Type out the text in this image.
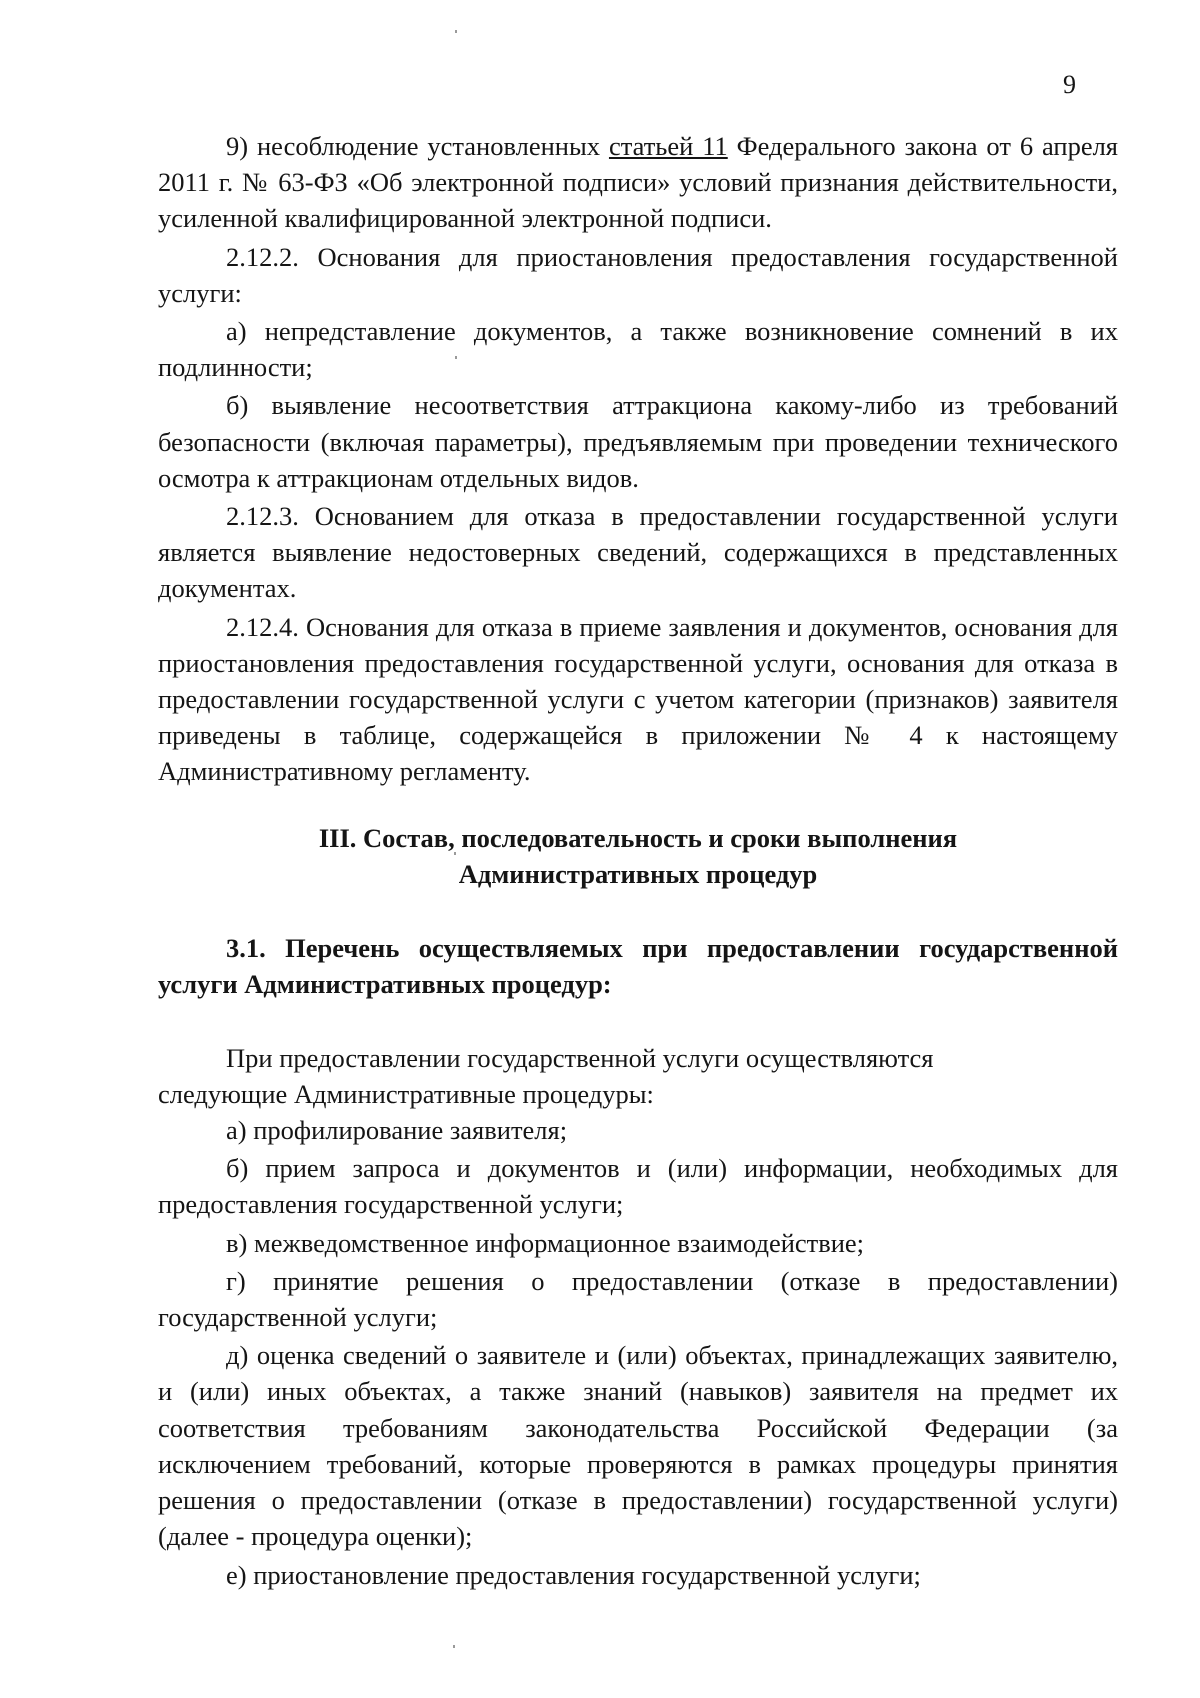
9

9) несоблюдение установленных статьей 11 Федерального закона от 6 апреля 2011 г. № 63-ФЗ «Об электронной подписи» условий признания действительности, усиленной квалифицированной электронной подписи.

2.12.2. Основания для приостановления предоставления государственной услуги:

а) непредставление документов, а также возникновение сомнений в их подлинности;

б) выявление несоответствия аттракциона какому-либо из требований безопасности (включая параметры), предъявляемым при проведении технического осмотра к аттракционам отдельных видов.

2.12.3. Основанием для отказа в предоставлении государственной услуги является выявление недостоверных сведений, содержащихся в представленных документах.

2.12.4. Основания для отказа в приеме заявления и документов, основания для приостановления предоставления государственной услуги, основания для отказа в предоставлении государственной услуги с учетом категории (признаков) заявителя приведены в таблице, содержащейся в приложении № 4 к настоящему Административному регламенту.

III. Состав, последовательность и сроки выполнения
Административных процедур

3.1. Перечень осуществляемых при предоставлении государственной услуги Административных процедур:

При предоставлении государственной услуги осуществляются
следующие Административные процедуры:

а) профилирование заявителя;

б) прием запроса и документов и (или) информации, необходимых для предоставления государственной услуги;

в) межведомственное информационное взаимодействие;

г) принятие решения о предоставлении (отказе в предоставлении) государственной услуги;

д) оценка сведений о заявителе и (или) объектах, принадлежащих заявителю, и (или) иных объектах, а также знаний (навыков) заявителя на предмет их соответствия требованиям законодательства Российской Федерации (за исключением требований, которые проверяются в рамках процедуры принятия решения о предоставлении (отказе в предоставлении) государственной услуги) (далее - процедура оценки);

е) приостановление предоставления государственной услуги;
